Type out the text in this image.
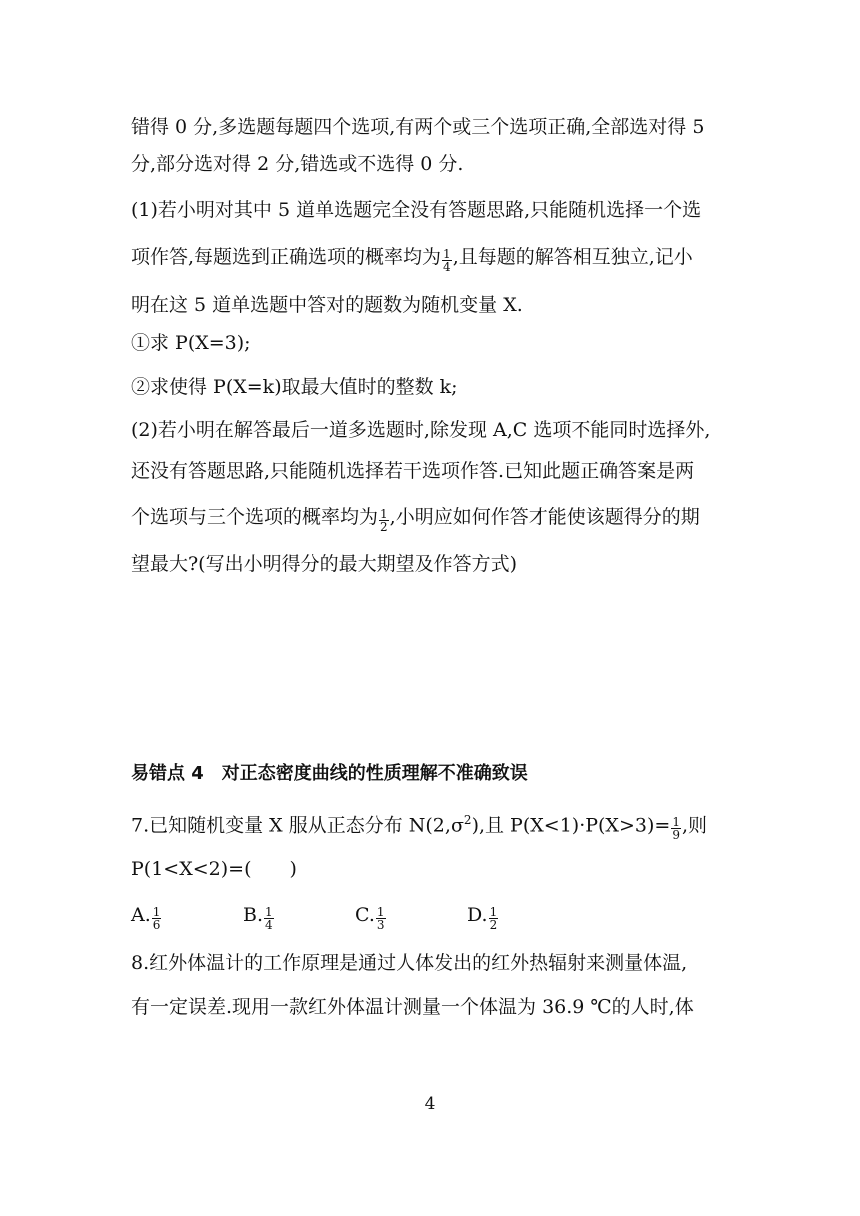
错得 0 分,多选题每题四个选项,有两个或三个选项正确,全部选对得 5
分,部分选对得 2 分,错选或不选得 0 分.
(1)若小明对其中 5 道单选题完全没有答题思路,只能随机选择一个选
项作答,每题选到正确选项的概率均为 $\frac{1}{4}$ ,且每题的解答相互独立,记小
明在这 5 道单选题中答对的题数为随机变量 X.
①求 P(X=3);
②求使得 P(X=k)取最大值时的整数 k;
(2)若小明在解答最后一道多选题时,除发现 A,C 选项不能同时选择外,
还没有答题思路,只能随机选择若干选项作答.已知此题正确答案是两
个选项与三个选项的概率均为 $\frac{1}{2}$ ,小明应如何作答才能使该题得分的期
望最大?(写出小明得分的最大期望及作答方式)
易错点 4　对正态密度曲线的性质理解不准确致误
7.已知随机变量 X 服从正态分布 $N(2,\sigma^2)$,且 $P(X<1)\cdot P(X>3)= \frac{1}{9}$ ,则
P(1<X<2)=(　　)
A. $\frac{1}{6}$	B. $\frac{1}{4}$	C. $\frac{1}{3}$	D. $\frac{1}{2}$
8.红外体温计的工作原理是通过人体发出的红外热辐射来测量体温,
有一定误差.现用一款红外体温计测量一个体温为 36.9 ℃的人时,体
4
